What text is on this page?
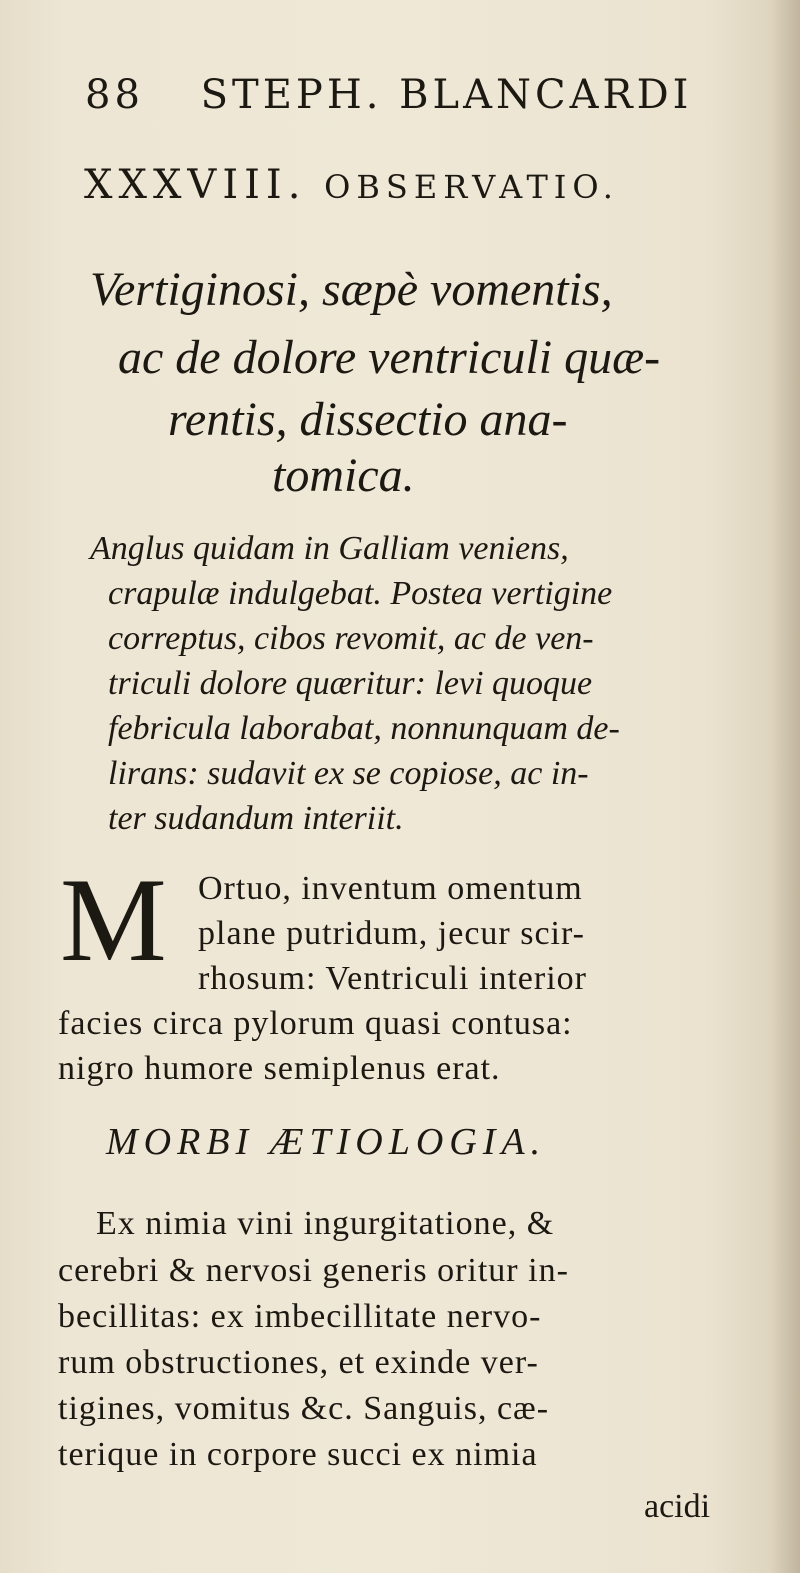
88 STEPH. BLANCARDI
XXXVIII. OBSERVATIO.
Vertiginosi, sæpè vomentis,
ac de dolore ventriculi quæ-
rentis, dissectio ana-
tomica.
Anglus quidam in Galliam veniens,
crapulæ indulgebat. Postea vertigine
correptus, cibos revomit, ac de ven-
triculi dolore quæritur: levi quoque
febricula laborabat, nonnunquam de-
lirans: sudavit ex se copiose, ac in-
ter sudandum interiit.
M Ortuo, inventum omentum
plane putridum, jecur scir-
rhosum: Ventriculi interior
facies circa pylorum quasi contusa:
nigro humore semiplenus erat.
MORBI ÆTIOLOGIA.
Ex nimia vini ingurgitatione, &
cerebri & nervosi generis oritur in-
becillitas: ex imbecillitate nervo-
rum obstructiones, et exinde ver-
tigines, vomitus &c. Sanguis, cæ-
terique in corpore succi ex nimia
acidi
